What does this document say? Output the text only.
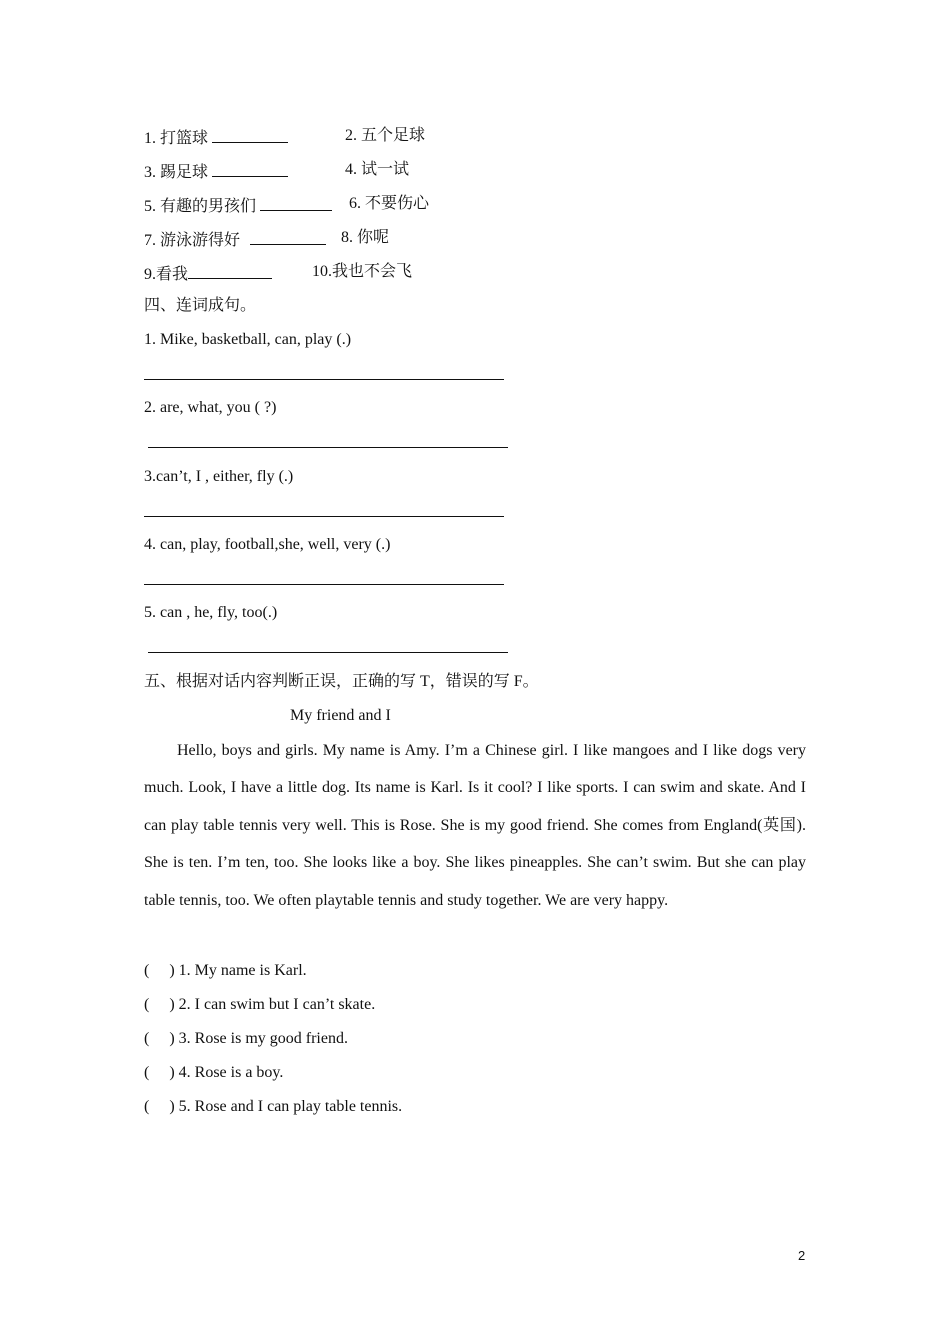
1. 打篮球	2. 五个足球
3. 踢足球	4. 试一试
5. 有趣的男孩们	6. 不要伤心
7. 游泳游得好	8. 你呢
9.看我	10.我也不会飞
四、连词成句。
1. Mike, basketball, can, play (.)
2. are, what, you ( ?)
3.can’t, I , either, fly (.)
4. can, play, football,she, well, very (.)
5. can , he, fly, too(.)
五、根据对话内容判断正误，正确的写 T，错误的写 F。
My friend and I
Hello, boys and girls. My name is Amy. I’m a Chinese girl. I like mangoes and I like dogs very much. Look, I have a little dog. Its name is Karl. Is it cool? I like sports. I can swim and skate. And I can play table tennis very well. This is Rose. She is my good friend. She comes from England(英国). She is ten. I’m ten, too. She looks like a boy. She likes pineapples. She can’t swim. But she can play table tennis, too. We often playtable tennis and study together. We are very happy.
(     ) 1. My name is Karl.
(     ) 2. I can swim but I can’t skate.
(     ) 3. Rose is my good friend.
(     ) 4. Rose is a boy.
(     ) 5. Rose and I can play table tennis.
2
